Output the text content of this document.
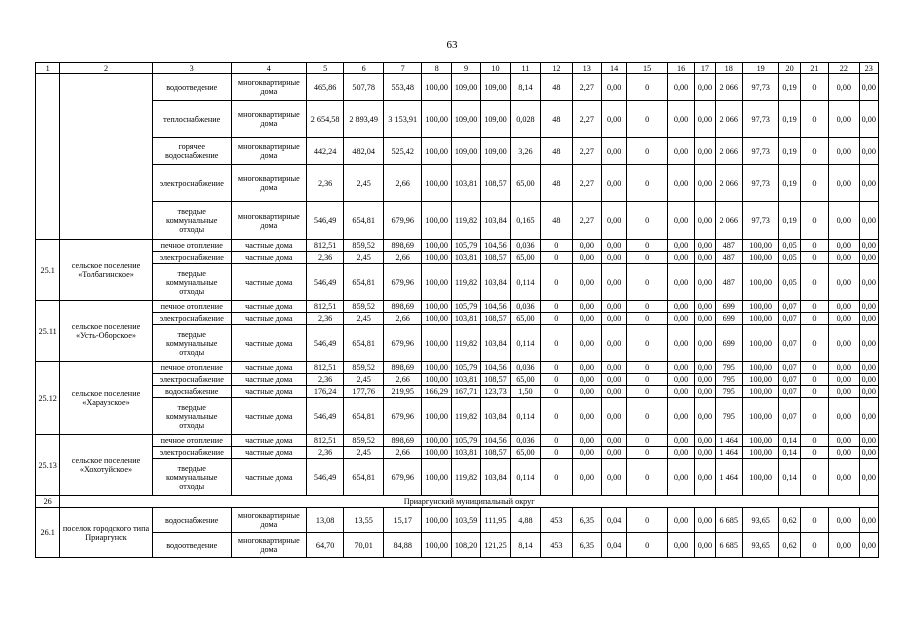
63
1	2	3	4	5	6	7	8	9	10	11	12	13	14	15	16	17	18	19	20	21	22	23
		водоотведение	многоквартирные дома	465,86	507,78	553,48	100,00	109,00	109,00	8,14	48	2,27	0,00	0	0,00	0,00	2 066	97,73	0,19	0	0,00	0,00
		теплоснабжение	многоквартирные дома	2 654,58	2 893,49	3 153,91	100,00	109,00	109,00	0,028	48	2,27	0,00	0	0,00	0,00	2 066	97,73	0,19	0	0,00	0,00
		горячее водоснабжение	многоквартирные дома	442,24	482,04	525,42	100,00	109,00	109,00	3,26	48	2,27	0,00	0	0,00	0,00	2 066	97,73	0,19	0	0,00	0,00
		электроснабжение	многоквартирные дома	2,36	2,45	2,66	100,00	103,81	108,57	65,00	48	2,27	0,00	0	0,00	0,00	2 066	97,73	0,19	0	0,00	0,00
		твердые коммунальные отходы	многоквартирные дома	546,49	654,81	679,96	100,00	119,82	103,84	0,165	48	2,27	0,00	0	0,00	0,00	2 066	97,73	0,19	0	0,00	0,00
25.1	сельское поселение «Толбагинское»	печное отопление	частные дома	812,51	859,52	898,69	100,00	105,79	104,56	0,036	0	0,00	0,00	0	0,00	0,00	487	100,00	0,05	0	0,00	0,00
		электроснабжение	частные дома	2,36	2,45	2,66	100,00	103,81	108,57	65,00	0	0,00	0,00	0	0,00	0,00	487	100,00	0,05	0	0,00	0,00
		твердые коммунальные отходы	частные дома	546,49	654,81	679,96	100,00	119,82	103,84	0,114	0	0,00	0,00	0	0,00	0,00	487	100,00	0,05	0	0,00	0,00
25.11	сельское поселение «Усть-Оборское»	печное отопление	частные дома	812,51	859,52	898,69	100,00	105,79	104,56	0,036	0	0,00	0,00	0	0,00	0,00	699	100,00	0,07	0	0,00	0,00
		электроснабжение	частные дома	2,36	2,45	2,66	100,00	103,81	108,57	65,00	0	0,00	0,00	0	0,00	0,00	699	100,00	0,07	0	0,00	0,00
		твердые коммунальные отходы	частные дома	546,49	654,81	679,96	100,00	119,82	103,84	0,114	0	0,00	0,00	0	0,00	0,00	699	100,00	0,07	0	0,00	0,00
25.12	сельское поселение «Хараузское»	печное отопление	частные дома	812,51	859,52	898,69	100,00	105,79	104,56	0,036	0	0,00	0,00	0	0,00	0,00	795	100,00	0,07	0	0,00	0,00
		электроснабжение	частные дома	2,36	2,45	2,66	100,00	103,81	108,57	65,00	0	0,00	0,00	0	0,00	0,00	795	100,00	0,07	0	0,00	0,00
		водоснабжение	частные дома	176,24	177,76	219,95	166,29	167,71	123,73	1,50	0	0,00	0,00	0	0,00	0,00	795	100,00	0,07	0	0,00	0,00
		твердые коммунальные отходы	частные дома	546,49	654,81	679,96	100,00	119,82	103,84	0,114	0	0,00	0,00	0	0,00	0,00	795	100,00	0,07	0	0,00	0,00
25.13	сельское поселение «Хохотуйское»	печное отопление	частные дома	812,51	859,52	898,69	100,00	105,79	104,56	0,036	0	0,00	0,00	0	0,00	0,00	1 464	100,00	0,14	0	0,00	0,00
		электроснабжение	частные дома	2,36	2,45	2,66	100,00	103,81	108,57	65,00	0	0,00	0,00	0	0,00	0,00	1 464	100,00	0,14	0	0,00	0,00
		твердые коммунальные отходы	частные дома	546,49	654,81	679,96	100,00	119,82	103,84	0,114	0	0,00	0,00	0	0,00	0,00	1 464	100,00	0,14	0	0,00	0,00
26	Приаргунский муниципальный округ																					
26.1	поселок городского типа Приаргунск	водоснабжение	многоквартирные дома	13,08	13,55	15,17	100,00	103,59	111,95	4,88	453	6,35	0,04	0	0,00	0,00	6 685	93,65	0,62	0	0,00	0,00
		водоотведение	многоквартирные дома	64,70	70,01	84,88	100,00	108,20	121,25	8,14	453	6,35	0,04	0	0,00	0,00	6 685	93,65	0,62	0	0,00	0,00
